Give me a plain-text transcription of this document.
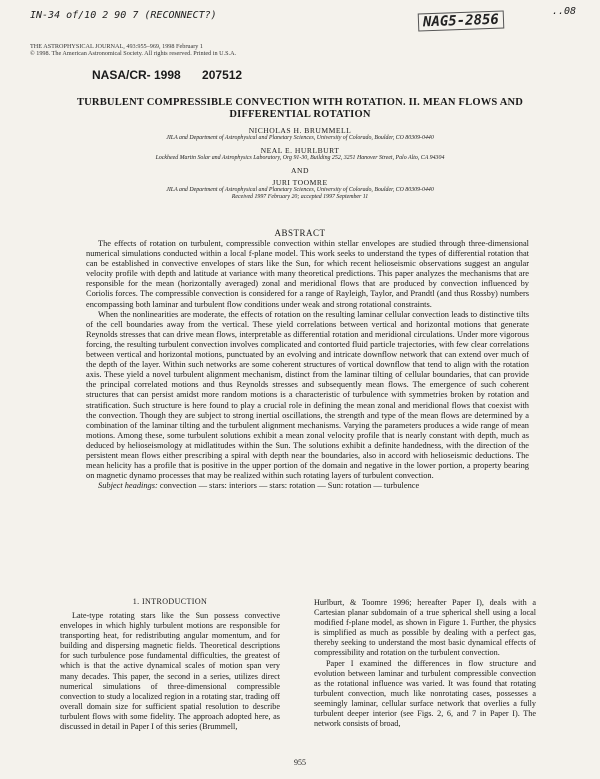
IN-34 of/10 2 90 7 (RECONNECT?)	NAG5-2856
..08
THE ASTROPHYSICAL JOURNAL, 493:955–969, 1998 February 1
© 1998. The American Astronomical Society. All rights reserved. Printed in U.S.A.
NASA/CR- 1998 207512
TURBULENT COMPRESSIBLE CONVECTION WITH ROTATION. II. MEAN FLOWS AND
DIFFERENTIAL ROTATION
NICHOLAS H. BRUMMELL
JILA and Department of Astrophysical and Planetary Sciences, University of Colorado, Boulder, CO 80309-0440
NEAL E. HURLBURT
Lockheed Martin Solar and Astrophysics Laboratory, Org 91-30, Building 252, 3251 Hanover Street, Palo Alto, CA 94304
AND
JURI TOOMRE
JILA and Department of Astrophysical and Planetary Sciences, University of Colorado, Boulder, CO 80309-0440
Received 1997 February 20; accepted 1997 September 11
ABSTRACT

The effects of rotation on turbulent, compressible convection within stellar envelopes are studied through three-dimensional numerical simulations conducted within a local f-plane model. This work seeks to understand the types of differential rotation that can be established in convective envelopes of stars like the Sun, for which recent helioseismic observations suggest an angular velocity profile with depth and latitude at variance with many theoretical predictions. This paper analyzes the mechanisms that are responsible for the mean (horizontally averaged) zonal and meridional flows that are produced by convection influenced by Coriolis forces. The compressible convection is considered for a range of Rayleigh, Taylor, and Prandtl (and thus Rossby) numbers encompassing both laminar and turbulent flow conditions under weak and strong rotational constraints.

When the nonlinearities are moderate, the effects of rotation on the resulting laminar cellular convection leads to distinctive tilts of the cell boundaries away from the vertical. These yield correlations between vertical and horizontal motions that generate Reynolds stresses that can drive mean flows, interpretable as differential rotation and meridional circulations. Under more vigorous forcing, the resulting turbulent convection involves complicated and contorted fluid particle trajectories, with few clear correlations between vertical and horizontal motions, punctuated by an evolving and intricate downflow network that can extend over much of the depth of the layer. Within such networks are some coherent structures of vortical downflow that tend to align with the rotation axis. These yield a novel turbulent alignment mechanism, distinct from the laminar tilting of cellular boundaries, that can provide the principal correlated motions and thus Reynolds stresses and subsequently mean flows. The emergence of such coherent structures that can persist amidst more random motions is a characteristic of turbulence with symmetries broken by rotation and stratification. Such structure is here found to play a crucial role in defining the mean zonal and meridional flows that coexist with the convection. Though they are subject to strong inertial oscillations, the strength and type of the mean flows are determined by a combination of the laminar tilting and the turbulent alignment mechanisms. Varying the parameters produces a wide range of mean motions. Among these, some turbulent solutions exhibit a mean zonal velocity profile that is nearly constant with depth, much as deduced by helioseismology at midlatitudes within the Sun. The solutions exhibit a definite handedness, with the direction of the persistent mean flows either prescribing a spiral with depth near the boundaries, also in accord with helioseismic deductions. The mean helicity has a profile that is positive in the upper portion of the domain and negative in the lower portion, a property bearing on magnetic dynamo processes that may be realized within such rotating layers of turbulent convection.

Subject headings: convection — stars: interiors — stars: rotation — Sun: rotation — turbulence

1. INTRODUCTION

Late-type rotating stars like the Sun possess convective envelopes in which highly turbulent motions are responsible for transporting heat, for redistributing angular momentum, and for building and dispersing magnetic fields. Theoretical descriptions for such turbulence pose fundamental difficulties, the greatest of which is that the active dynamical scales of motion span very many decades. This paper, the second in a series, utilizes direct numerical simulations of three-dimensional compressible convection to study a localized region in a rotating star, trading off overall domain size for sufficient spatial resolution to describe turbulent flows with some fidelity. The approach adopted here, as discussed in detail in Paper I of this series (Brummell,

Hurlburt, & Toomre 1996; hereafter Paper I), deals with a Cartesian planar subdomain of a true spherical shell using a local modified f-plane model, as shown in Figure 1. Further, the physics is simplified as much as possible by dealing with a perfect gas, thereby seeking to understand the most basic dynamical effects of compressibility and rotation on the turbulent convection.

Paper I examined the differences in flow structure and evolution between laminar and turbulent compressible convection as the rotational influence was varied. It was found that rotating turbulent convection, much like nonrotating cases, possesses a seemingly laminar, cellular surface network that overlies a fully turbulent deeper interior (see Figs. 2, 6, and 7 in Paper I). The network consists of broad,

955
